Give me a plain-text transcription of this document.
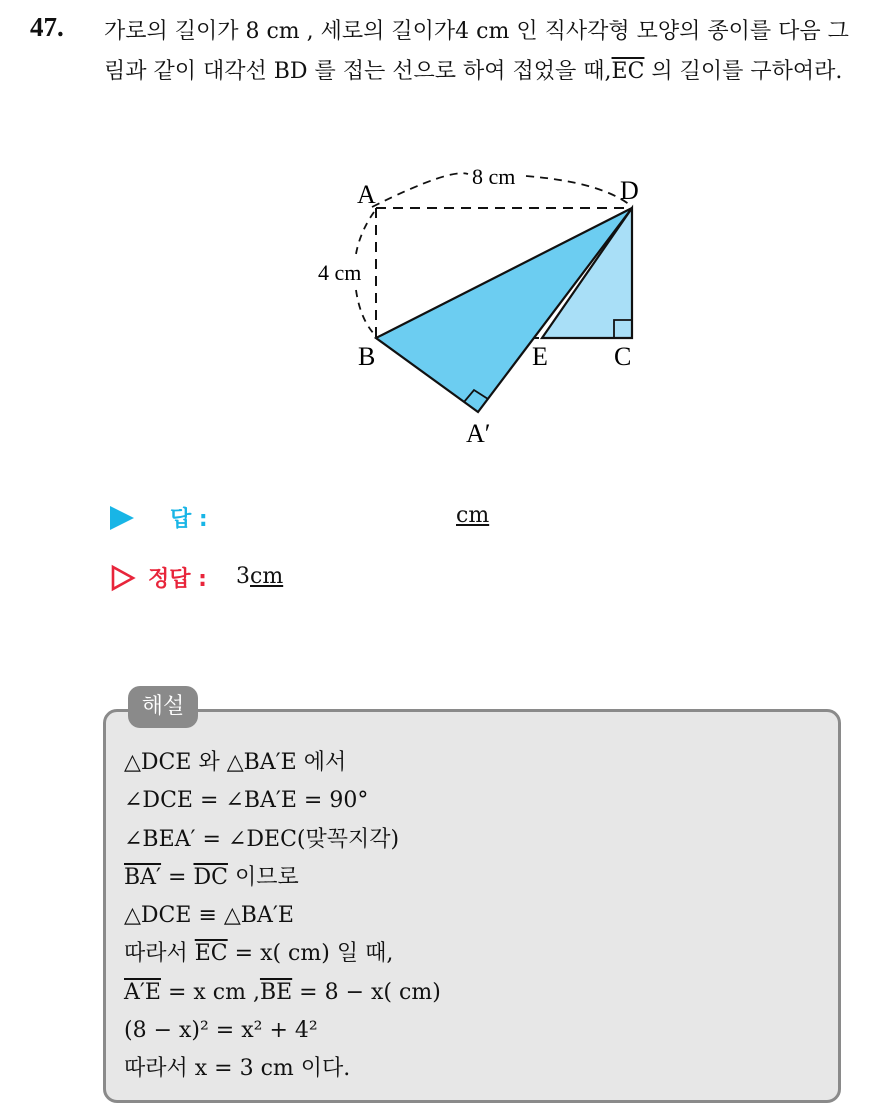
47. 가로의 길이가 8 cm , 세로의 길이가4 cm 인 직사각형 모양의 종이를 다음 그림과 같이 대각선 BD 를 접는 선으로 하여 접었을 때$,\overline{EC}$ 의 길이를 구하여라.
A	D
B	E	C
A′
8 cm
4 cm
답 :	cm
정답 : 3cm
해설
△DCE 와 △BA′E 에서
∠DCE = ∠BA′E = 90°
∠BEA′ = ∠DEC(맞꼭지각)
$BA' = \overline{DC}$ 이므로
△DCE ≡ △BA′E
따라서 $\overline{EC} = x$( cm) 일 때,
A′E = x cm $,\overline{BE} = 8 - x$( cm)
(8 − x)² = x² + 4²
따라서 x = 3 cm 이다.
